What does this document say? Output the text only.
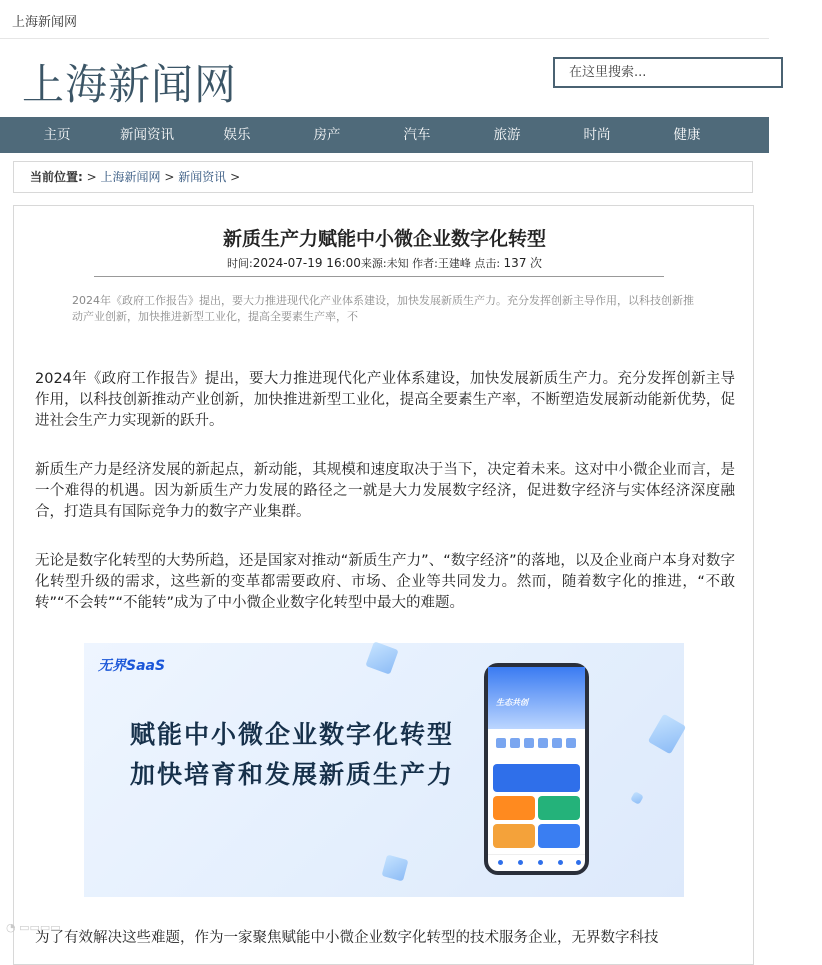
上海新闻网
上海新闻网
在这里搜索...
主页	新闻资讯	娱乐	房产	汽车	旅游	时尚	健康	科
当前位置: > 上海新闻网 > 新闻资讯 >
新质生产力赋能中小微企业数字化转型
时间:2024-07-19 16:00来源:未知 作者:王建峰 点击: 137 次
2024年《政府工作报告》提出，要大力推进现代化产业体系建设，加快发展新质生产力。充分发挥创新主导作用，以科技创新推动产业创新，加快推进新型工业化，提高全要素生产率，不
2024年《政府工作报告》提出，要大力推进现代化产业体系建设，加快发展新质生产力。充分发挥创新主导作用，以科技创新推动产业创新，加快推进新型工业化，提高全要素生产率，不断塑造发展新动能新优势，促进社会生产力实现新的跃升。
新质生产力是经济发展的新起点，新动能，其规模和速度取决于当下，决定着未来。这对中小微企业而言，是一个难得的机遇。因为新质生产力发展的路径之一就是大力发展数字经济，促进数字经济与实体经济深度融合，打造具有国际竞争力的数字产业集群。
无论是数字化转型的大势所趋，还是国家对推动“新质生产力”、“数字经济”的落地，以及企业商户本身对数字化转型升级的需求，这些新的变革都需要政府、市场、企业等共同发力。然而，随着数字化的推进，“不敢转”“不会转”“不能转”成为了中小微企业数字化转型中最大的难题。
无界SaaS
赋能中小微企业数字化转型
加快培育和发展新质生产力
生态共创
为了有效解决这些难题，作为一家聚焦赋能中小微企业数字化转型的技术服务企业，无界数字科技
◔ ▭▭▭▭
